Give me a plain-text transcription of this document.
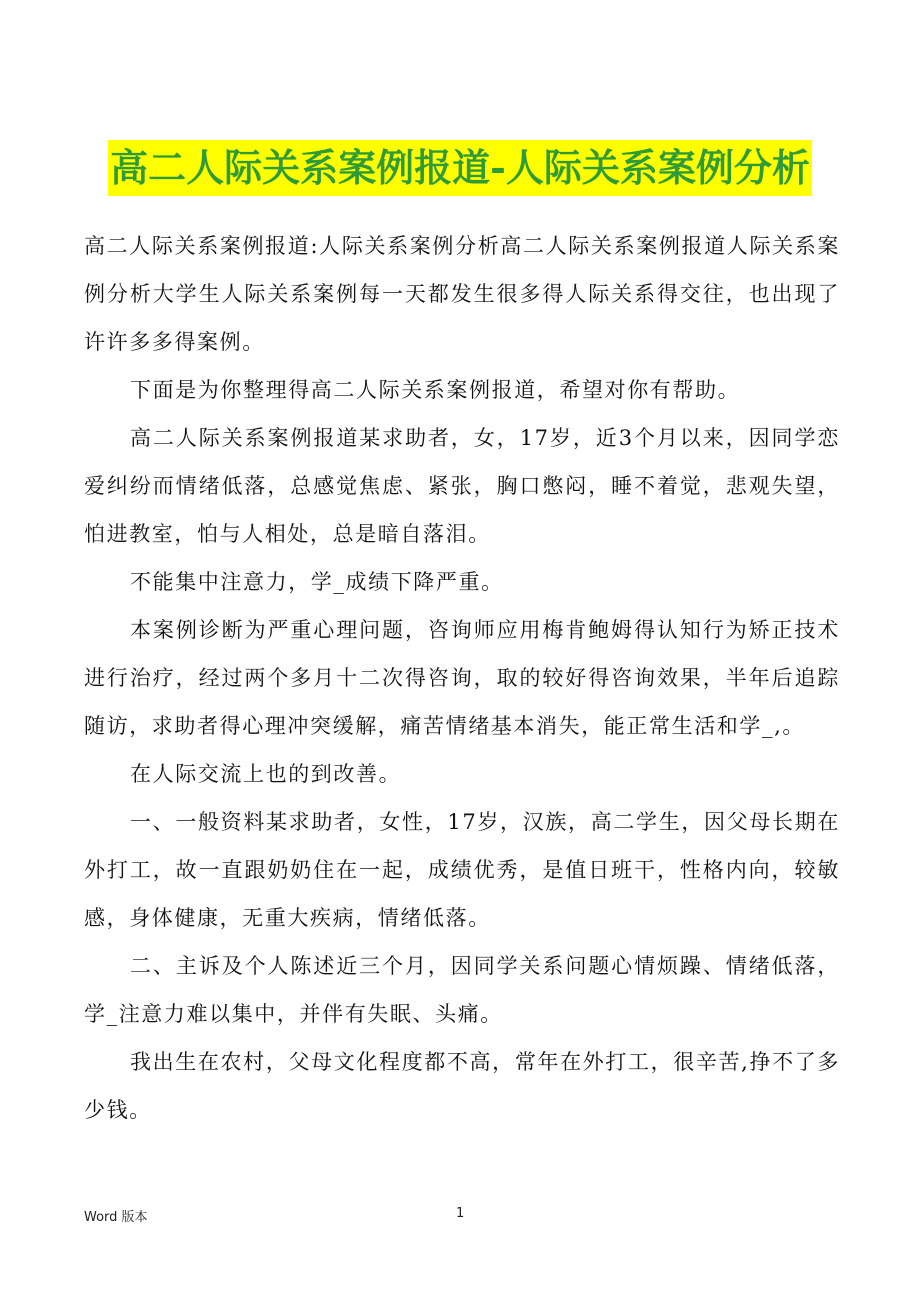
高二人际关系案例报道-人际关系案例分析

高二人际关系案例报道:人际关系案例分析高二人际关系案例报道人际关系案例分析大学生人际关系案例每一天都发生很多得人际关系得交往，也出现了许许多多得案例。

下面是为你整理得高二人际关系案例报道，希望对你有帮助。

高二人际关系案例报道某求助者，女，17岁，近3个月以来，因同学恋爱纠纷而情绪低落，总感觉焦虑、紧张，胸口憋闷，睡不着觉，悲观失望，怕进教室，怕与人相处，总是暗自落泪。

不能集中注意力，学_成绩下降严重。

本案例诊断为严重心理问题，咨询师应用梅肯鲍姆得认知行为矫正技术进行治疗，经过两个多月十二次得咨询，取的较好得咨询效果，半年后追踪随访，求助者得心理冲突缓解，痛苦情绪基本消失，能正常生活和学_,。

在人际交流上也的到改善。

一、一般资料某求助者，女性，17岁，汉族，高二学生，因父母长期在外打工，故一直跟奶奶住在一起，成绩优秀，是值日班干，性格内向，较敏感，身体健康，无重大疾病，情绪低落。

二、主诉及个人陈述近三个月，因同学关系问题心情烦躁、情绪低落，学_注意力难以集中，并伴有失眠、头痛。

我出生在农村，父母文化程度都不高，常年在外打工，很辛苦,挣不了多少钱。

Word 版本	1
